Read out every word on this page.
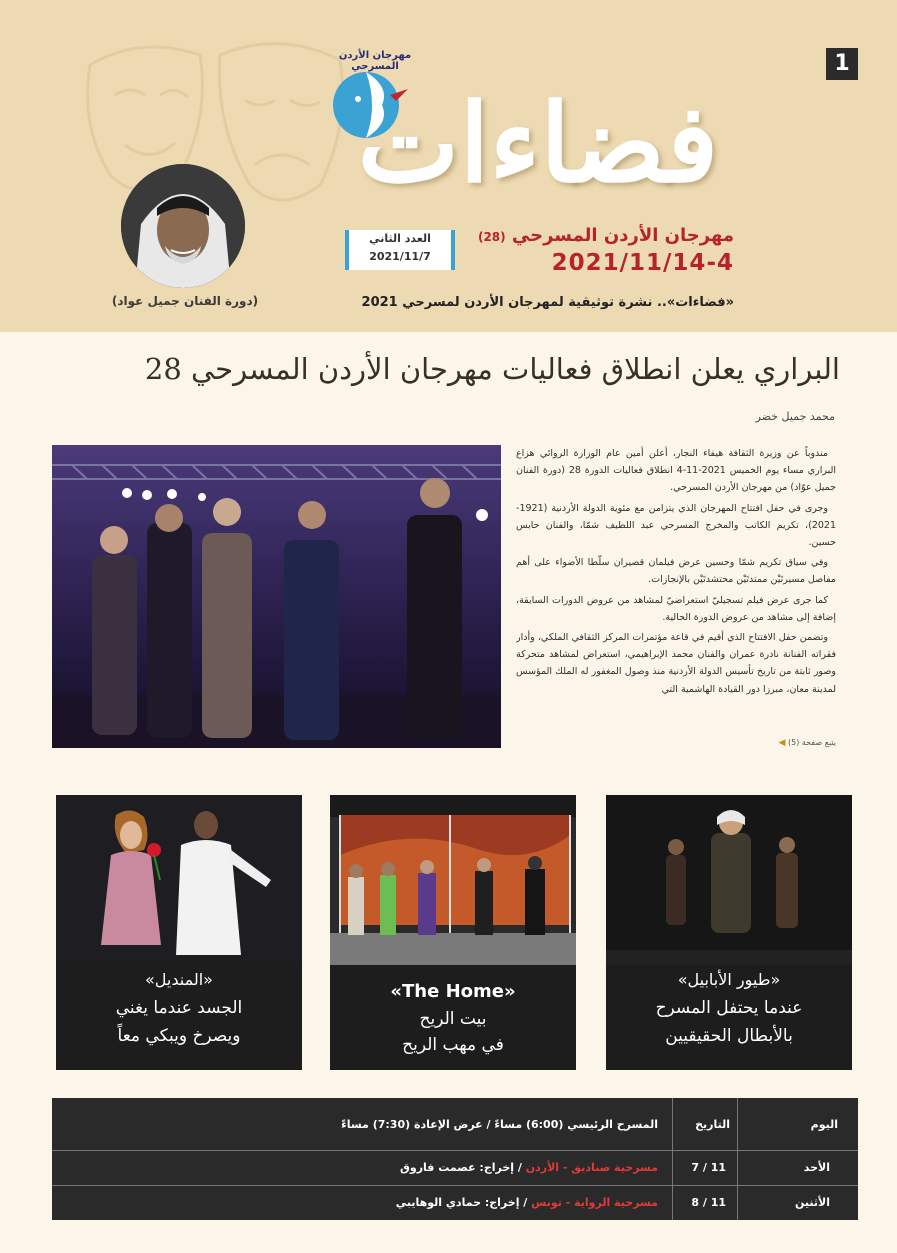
1
مهرجان الأردن المسرحي
فضاءات
(دورة الفنان جميل عواد)
العدد الثاني
2021/11/7
مهرجان الأردن المسرحي (28)
2021/11/14-4
«فضاءات».. نشرة توثيقية لمهرجان الأردن لمسرحي 2021
البراري يعلن انطلاق فعاليات مهرجان الأردن المسرحي 28
محمد جميل خضر

مندوباً عن وزيرة الثقافة هيفاء النجار، أعلن أمين عام الوزارة الروائي هزاع البراري مساء يوم الخميس 2021-11-4 انطلاق فعاليات الدورة 28 (دورة الفنان جميل عوّاد) من مهرجان الأردن المسرحي.

وجرى في حفل افتتاح المهرجان الذي يتزامن مع مئوية الدولة الأردنية (1921-2021)، تكريم الكاتب والمخرج المسرحي عبد اللطيف شمّا، والفنان حابس حسين.

وفي سياق تكريم شمّا وحسين عرض فيلمان قصيران سلّطا الأضواء على أهم مفاصل مسيرتَيْن ممتدتَيْن محتشدتَيْن بالإنجازات.

كما جرى عرض فيلم تسجيليّ استعراضيّ لمشاهد من عروض الدورات السابقة، إضافة إلى مشاهد من عروض الدورة الحالية.

وتضمن حفل الافتتاح الذي أقيم في قاعة مؤتمرات المركز الثقافي الملكي، وأدار فقراته الفنانة نادرة عمران والفنان محمد الإبراهيمي، استعراض لمشاهد متحركة وصور ثابتة من تاريخ تأسيس الدولة الأردنية منذ وصول المغفور له الملك المؤسس لمدينة معان، مبرزا دور القيادة الهاشمية التي

يتبع صفحة (5) ◀
«طيور الأبابيل»
عندما يحتفل المسرح
بالأبطال الحقيقيين
«The Home»
بيت الريح
في مهب الريح
«المنديل»
الجسد عندما يغني
ويصرخ ويبكي معاً
اليوم
التاريخ
المسرح الرئيسي (6:00) مساءً / عرض الإعادة (7:30) مساءً
الأحد
11 / 7
مسرحية صناديق - الأردن / إخراج: عصمت فاروق
الأثنين
11 / 8
مسرحية الرواية - تونس / إخراج: حمادي الوهايبي
